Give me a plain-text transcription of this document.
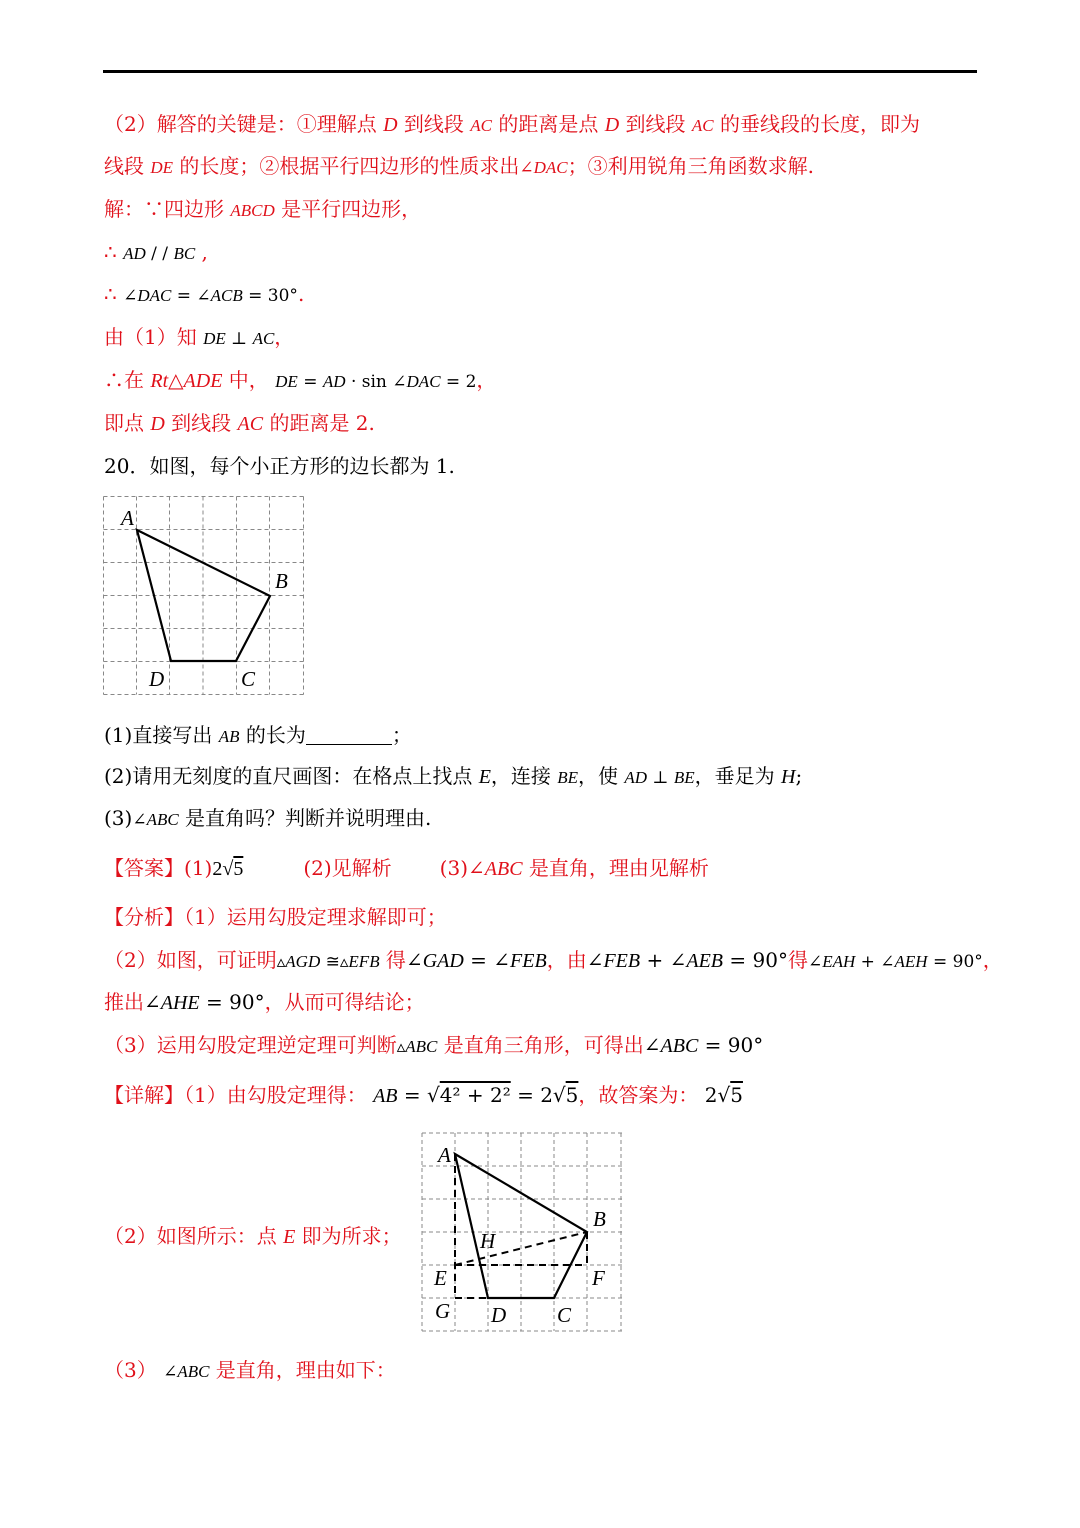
（2）解答的关键是：①理解点 D 到线段 AC 的距离是点 D 到线段 AC 的垂线段的长度，即为
线段 DE 的长度；②根据平行四边形的性质求出∠DAC；③利用锐角三角函数求解.
解：∵四边形 ABCD 是平行四边形，
∴ AD / / BC ,
∴ ∠DAC = ∠ACB = 30°.
由（1）知 DE ⊥ AC，
∴在 Rt△ADE 中， DE = AD · sin ∠DAC = 2，
即点 D 到线段 AC 的距离是 2.
20．如图，每个小正方形的边长都为 1.
A
B
C
D
(1)直接写出 AB 的长为	；
(2)请用无刻度的直尺画图：在格点上找点 E，连接 BE，使 AD ⊥ BE，垂足为 H;
(3)∠ABC 是直角吗？判断并说明理由.
【答案】(1)2√5	(2)见解析 (3)∠ABC 是直角，理由见解析
【分析】（1）运用勾股定理求解即可；
（2）如图，可证明▵AGD ≅▵EFB 得∠GAD = ∠FEB，由∠FEB + ∠AEB = 90°得∠EAH + ∠AEH = 90°，
推出∠AHE = 90°，从而可得结论；
（3）运用勾股定理逆定理可判断▵ABC 是直角三角形，可得出∠ABC = 90°
【详解】（1）由勾股定理得： AB = √4² + 2² = 2√5，故答案为： 2√5
（2）如图所示：点 E 即为所求；
A
B
H
E	F
G D C
（3） ∠ABC 是直角，理由如下：
